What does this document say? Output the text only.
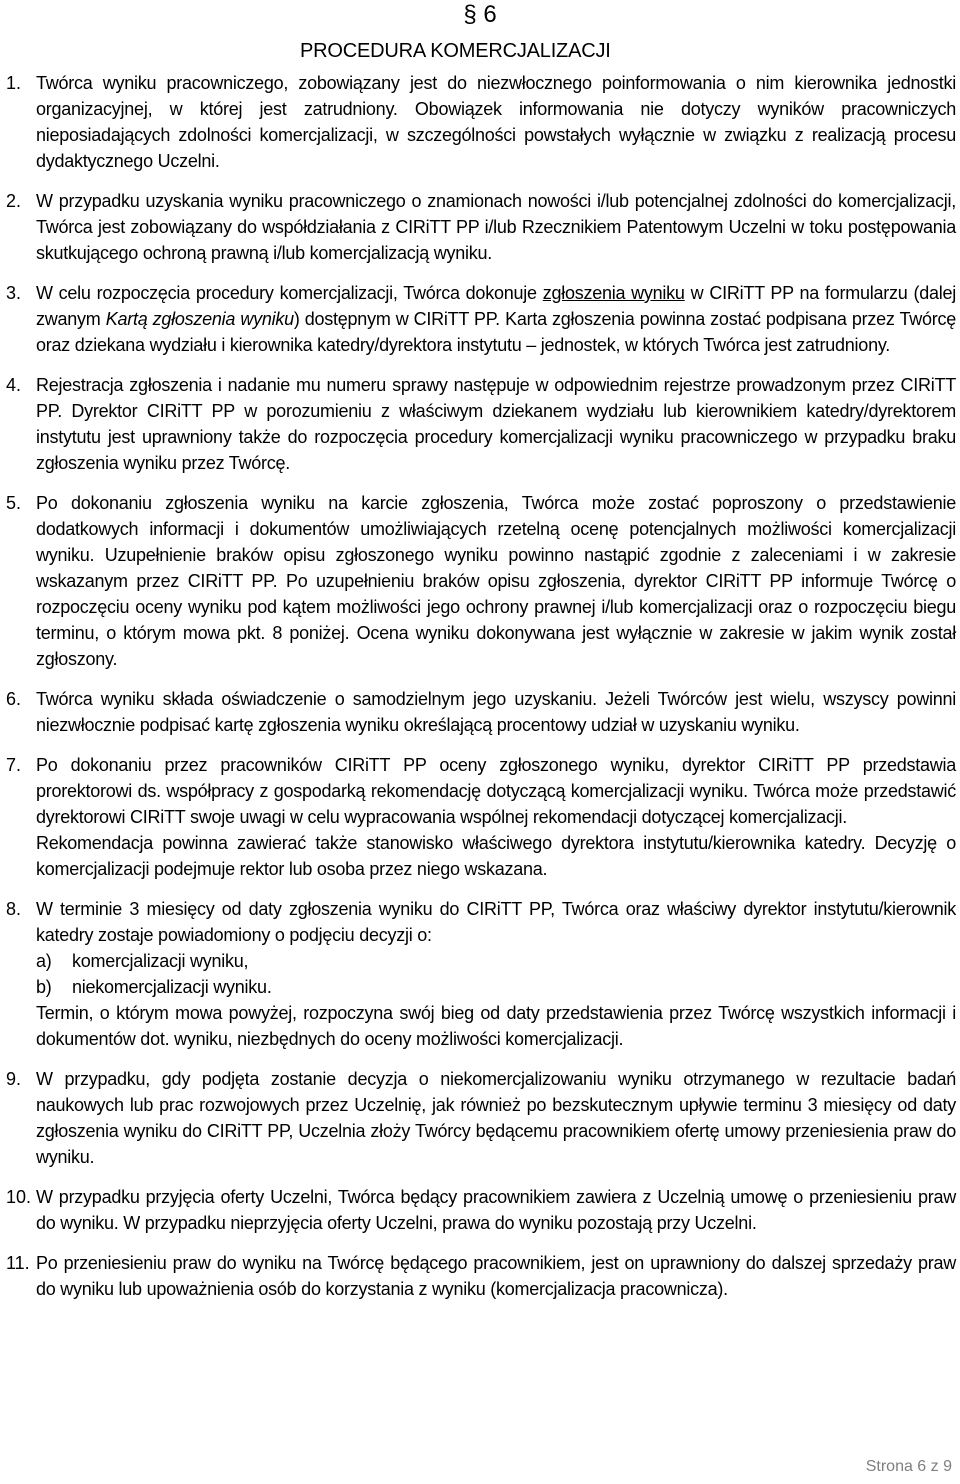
§ 6
PROCEDURA KOMERCJALIZACJI
1. Twórca wyniku pracowniczego, zobowiązany jest do niezwłocznego poinformowania o nim kierownika jednostki organizacyjnej, w której jest zatrudniony. Obowiązek informowania nie dotyczy wyników pracowniczych nieposiadających zdolności komercjalizacji, w szczególności powstałych wyłącznie w związku z realizacją procesu dydaktycznego Uczelni.

2. W przypadku uzyskania wyniku pracowniczego o znamionach nowości i/lub potencjalnej zdolności do komercjalizacji, Twórca jest zobowiązany do współdziałania z CIRiTT PP i/lub Rzecznikiem Patentowym Uczelni w toku postępowania skutkującego ochroną prawną i/lub komercjalizacją wyniku.

3. W celu rozpoczęcia procedury komercjalizacji, Twórca dokonuje zgłoszenia wyniku w CIRiTT PP na formularzu (dalej zwanym Kartą zgłoszenia wyniku) dostępnym w CIRiTT PP. Karta zgłoszenia powinna zostać podpisana przez Twórcę oraz dziekana wydziału i kierownika katedry/dyrektora instytutu – jednostek, w których Twórca jest zatrudniony.

4. Rejestracja zgłoszenia i nadanie mu numeru sprawy następuje w odpowiednim rejestrze prowadzonym przez CIRiTT PP. Dyrektor CIRiTT PP w porozumieniu z właściwym dziekanem wydziału lub kierownikiem katedry/dyrektorem instytutu jest uprawniony także do rozpoczęcia procedury komercjalizacji wyniku pracowniczego w przypadku braku zgłoszenia wyniku przez Twórcę.

5. Po dokonaniu zgłoszenia wyniku na karcie zgłoszenia, Twórca może zostać poproszony o przedstawienie dodatkowych informacji i dokumentów umożliwiających rzetelną ocenę potencjalnych możliwości komercjalizacji wyniku. Uzupełnienie braków opisu zgłoszonego wyniku powinno nastąpić zgodnie z zaleceniami i w zakresie wskazanym przez CIRiTT PP. Po uzupełnieniu braków opisu zgłoszenia, dyrektor CIRiTT PP informuje Twórcę o rozpoczęciu oceny wyniku pod kątem możliwości jego ochrony prawnej i/lub komercjalizacji oraz o rozpoczęciu biegu terminu, o którym mowa pkt. 8 poniżej. Ocena wyniku dokonywana jest wyłącznie w zakresie w jakim wynik został zgłoszony.

6. Twórca wyniku składa oświadczenie o samodzielnym jego uzyskaniu. Jeżeli Twórców jest wielu, wszyscy powinni niezwłocznie podpisać kartę zgłoszenia wyniku określającą procentowy udział w uzyskaniu wyniku.

7. Po dokonaniu przez pracowników CIRiTT PP oceny zgłoszonego wyniku, dyrektor CIRiTT PP przedstawia prorektorowi ds. współpracy z gospodarką rekomendację dotyczącą komercjalizacji wyniku. Twórca może przedstawić dyrektorowi CIRiTT swoje uwagi w celu wypracowania wspólnej rekomendacji dotyczącej komercjalizacji.

Rekomendacja powinna zawierać także stanowisko właściwego dyrektora instytutu/kierownika katedry. Decyzję o komercjalizacji podejmuje rektor lub osoba przez niego wskazana.

8. W terminie 3 miesięcy od daty zgłoszenia wyniku do CIRiTT PP, Twórca oraz właściwy dyrektor instytutu/kierownik katedry zostaje powiadomiony o podjęciu decyzji o:

a) komercjalizacji wyniku,
b) niekomercjalizacji wyniku.

Termin, o którym mowa powyżej, rozpoczyna swój bieg od daty przedstawienia przez Twórcę wszystkich informacji i dokumentów dot. wyniku, niezbędnych do oceny możliwości komercjalizacji.

9. W przypadku, gdy podjęta zostanie decyzja o niekomercjalizowaniu wyniku otrzymanego w rezultacie badań naukowych lub prac rozwojowych przez Uczelnię, jak również po bezskutecznym upływie terminu 3 miesięcy od daty zgłoszenia wyniku do CIRiTT PP, Uczelnia złoży Twórcy będącemu pracownikiem ofertę umowy przeniesienia praw do wyniku.

10. W przypadku przyjęcia oferty Uczelni, Twórca będący pracownikiem zawiera z Uczelnią umowę o przeniesieniu praw do wyniku. W przypadku nieprzyjęcia oferty Uczelni, prawa do wyniku pozostają przy Uczelni.

11. Po przeniesieniu praw do wyniku na Twórcę będącego pracownikiem, jest on uprawniony do dalszej sprzedaży praw do wyniku lub upoważnienia osób do korzystania z wyniku (komercjalizacja pracownicza).

Strona 6 z 9
